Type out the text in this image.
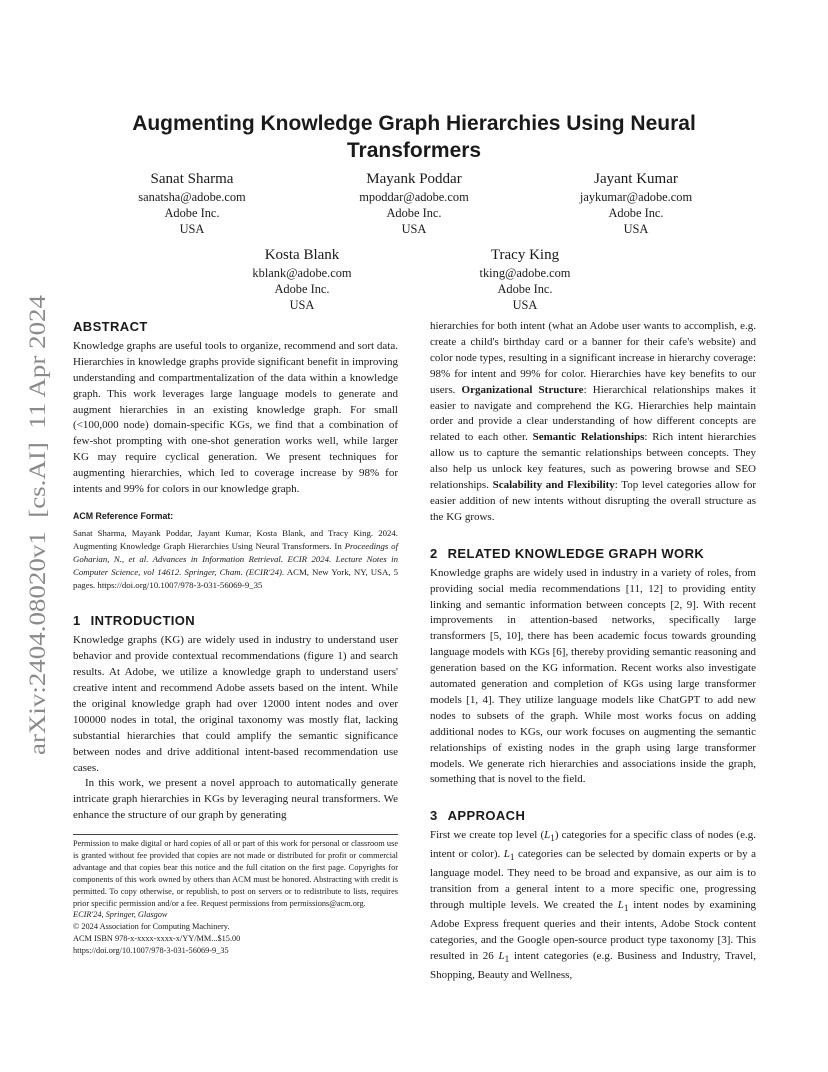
Augmenting Knowledge Graph Hierarchies Using Neural
Transformers
Sanat Sharma
sanatsha@adobe.com
Adobe Inc.
USA
Mayank Poddar
mpoddar@adobe.com
Adobe Inc.
USA
Jayant Kumar
jaykumar@adobe.com
Adobe Inc.
USA
Kosta Blank
kblank@adobe.com
Adobe Inc.
USA
Tracy King
tking@adobe.com
Adobe Inc.
USA
arXiv:2404.08020v1  [cs.AI]  11 Apr 2024
ABSTRACT

Knowledge graphs are useful tools to organize, recommend and sort data. Hierarchies in knowledge graphs provide significant benefit in improving understanding and compartmentalization of the data within a knowledge graph. This work leverages large language models to generate and augment hierarchies in an existing knowledge graph. For small (<100,000 node) domain-specific KGs, we find that a combination of few-shot prompting with one-shot generation works well, while larger KG may require cyclical generation. We present techniques for augmenting hierarchies, which led to coverage increase by 98% for intents and 99% for colors in our knowledge graph.

ACM Reference Format:

Sanat Sharma, Mayank Poddar, Jayant Kumar, Kosta Blank, and Tracy King. 2024. Augmenting Knowledge Graph Hierarchies Using Neural Transformers. In Proceedings of Goharian, N., et al. Advances in Information Retrieval. ECIR 2024. Lecture Notes in Computer Science, vol 14612. Springer, Cham. (ECIR'24). ACM, New York, NY, USA, 5 pages. https://doi.org/10.1007/978-3-031-56069-9_35

1 INTRODUCTION

Knowledge graphs (KG) are widely used in industry to understand user behavior and provide contextual recommendations (figure 1) and search results. At Adobe, we utilize a knowledge graph to understand users' creative intent and recommend Adobe assets based on the intent. While the original knowledge graph had over 12000 intent nodes and over 100000 nodes in total, the original taxonomy was mostly flat, lacking substantial hierarchies that could amplify the semantic significance between nodes and drive additional intent-based recommendation use cases.

In this work, we present a novel approach to automatically generate intricate graph hierarchies in KGs by leveraging neural transformers. We enhance the structure of our graph by generating

Permission to make digital or hard copies of all or part of this work for personal or classroom use is granted without fee provided that copies are not made or distributed for profit or commercial advantage and that copies bear this notice and the full citation on the first page. Copyrights for components of this work owned by others than ACM must be honored. Abstracting with credit is permitted. To copy otherwise, or republish, to post on servers or to redistribute to lists, requires prior specific permission and/or a fee. Request permissions from permissions@acm.org.

ECIR'24, Springer, Glasgow

© 2024 Association for Computing Machinery.

ACM ISBN 978-x-xxxx-xxxx-x/YY/MM...$15.00

https://doi.org/10.1007/978-3-031-56069-9_35

hierarchies for both intent (what an Adobe user wants to accomplish, e.g. create a child's birthday card or a banner for their cafe's website) and color node types, resulting in a significant increase in hierarchy coverage: 98% for intent and 99% for color. Hierarchies have key benefits to our users. Organizational Structure: Hierarchical relationships makes it easier to navigate and comprehend the KG. Hierarchies help maintain order and provide a clear understanding of how different concepts are related to each other. Semantic Relationships: Rich intent hierarchies allow us to capture the semantic relationships between concepts. They also help us unlock key features, such as powering browse and SEO relationships. Scalability and Flexibility: Top level categories allow for easier addition of new intents without disrupting the overall structure as the KG grows.

2 RELATED KNOWLEDGE GRAPH WORK

Knowledge graphs are widely used in industry in a variety of roles, from providing social media recommendations [11, 12] to providing entity linking and semantic information between concepts [2, 9]. With recent improvements in attention-based networks, specifically large transformers [5, 10], there has been academic focus towards grounding language models with KGs [6], thereby providing semantic reasoning and generation based on the KG information. Recent works also investigate automated generation and completion of KGs using large transformer models [1, 4]. They utilize language models like ChatGPT to add new nodes to subsets of the graph. While most works focus on adding additional nodes to KGs, our work focuses on augmenting the semantic relationships of existing nodes in the graph using large transformer models. We generate rich hierarchies and associations inside the graph, something that is novel to the field.

3 APPROACH

First we create top level $(L_1)$ categories for a specific class of nodes (e.g. intent or color). $L_1$ categories can be selected by domain experts or by a language model. They need to be broad and expansive, as our aim is to transition from a general intent to a more specific one, progressing through multiple levels. We created the $L_1$ intent nodes by examining Adobe Express frequent queries and their intents, Adobe Stock content categories, and the Google open-source product type taxonomy [3]. This resulted in 26 $L_1$ intent categories (e.g. Business and Industry, Travel, Shopping, Beauty and Wellness,
